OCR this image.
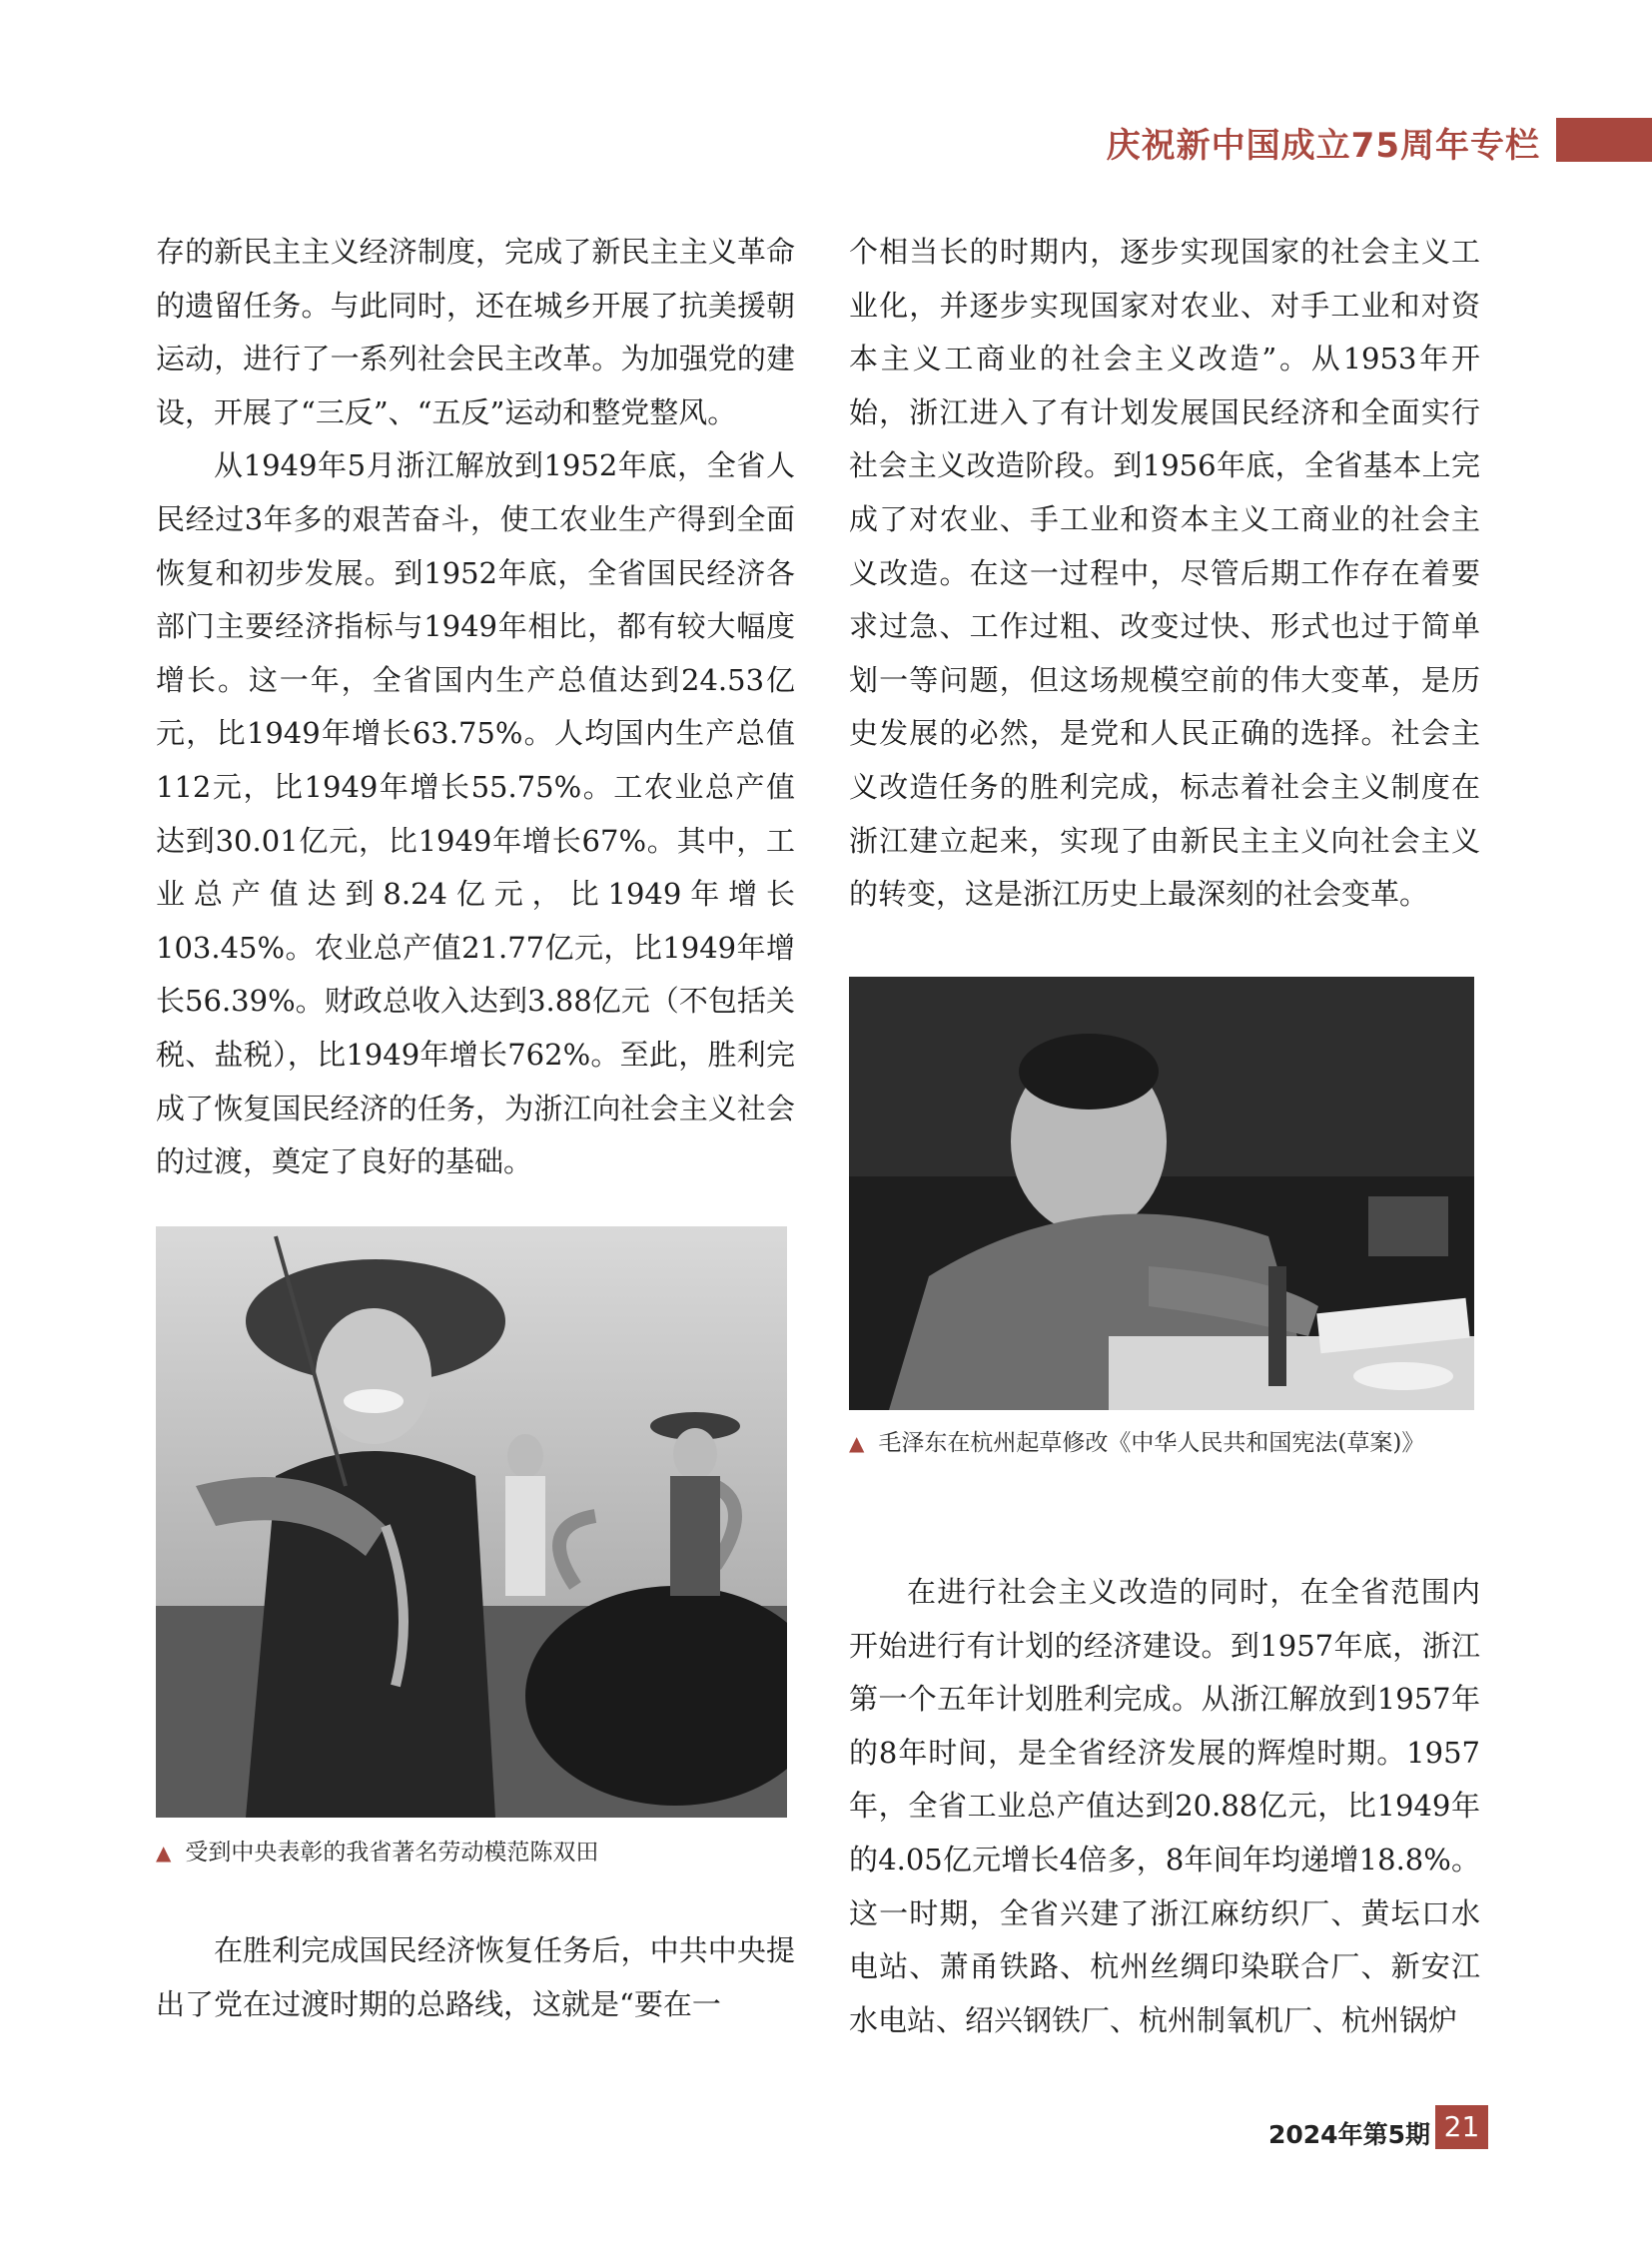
庆祝新中国成立75周年专栏

存的新民主主义经济制度，完成了新民主主义革命的遗留任务。与此同时，还在城乡开展了抗美援朝运动，进行了一系列社会民主改革。为加强党的建设，开展了“三反”、“五反”运动和整党整风。

从1949年5月浙江解放到1952年底，全省人民经过3年多的艰苦奋斗，使工农业生产得到全面恢复和初步发展。到1952年底，全省国民经济各部门主要经济指标与1949年相比，都有较大幅度增长。这一年，全省国内生产总值达到24.53亿元，比1949年增长63.75%。人均国内生产总值112元，比1949年增长55.75%。工农业总产值达到30.01亿元，比1949年增长67%。其中，工业总产值达到8.24亿元，比1949年增长103.45%。农业总产值21.77亿元，比1949年增长56.39%。财政总收入达到3.88亿元（不包括关税、盐税），比1949年增长762%。至此，胜利完成了恢复国民经济的任务，为浙江向社会主义社会的过渡，奠定了良好的基础。

▲ 受到中央表彰的我省著名劳动模范陈双田

在胜利完成国民经济恢复任务后，中共中央提出了党在过渡时期的总路线，这就是“要在一

个相当长的时期内，逐步实现国家的社会主义工业化，并逐步实现国家对农业、对手工业和对资本主义工商业的社会主义改造”。从1953年开始，浙江进入了有计划发展国民经济和全面实行社会主义改造阶段。到1956年底，全省基本上完成了对农业、手工业和资本主义工商业的社会主义改造。在这一过程中，尽管后期工作存在着要求过急、工作过粗、改变过快、形式也过于简单划一等问题，但这场规模空前的伟大变革，是历史发展的必然，是党和人民正确的选择。社会主义改造任务的胜利完成，标志着社会主义制度在浙江建立起来，实现了由新民主主义向社会主义的转变，这是浙江历史上最深刻的社会变革。

▲ 毛泽东在杭州起草修改《中华人民共和国宪法(草案)》

在进行社会主义改造的同时，在全省范围内开始进行有计划的经济建设。到1957年底，浙江第一个五年计划胜利完成。从浙江解放到1957年的8年时间，是全省经济发展的辉煌时期。1957年，全省工业总产值达到20.88亿元，比1949年的4.05亿元增长4倍多，8年间年均递增18.8%。这一时期，全省兴建了浙江麻纺织厂、黄坛口水电站、萧甬铁路、杭州丝绸印染联合厂、新安江水电站、绍兴钢铁厂、杭州制氧机厂、杭州锅炉

2024年第5期 21
